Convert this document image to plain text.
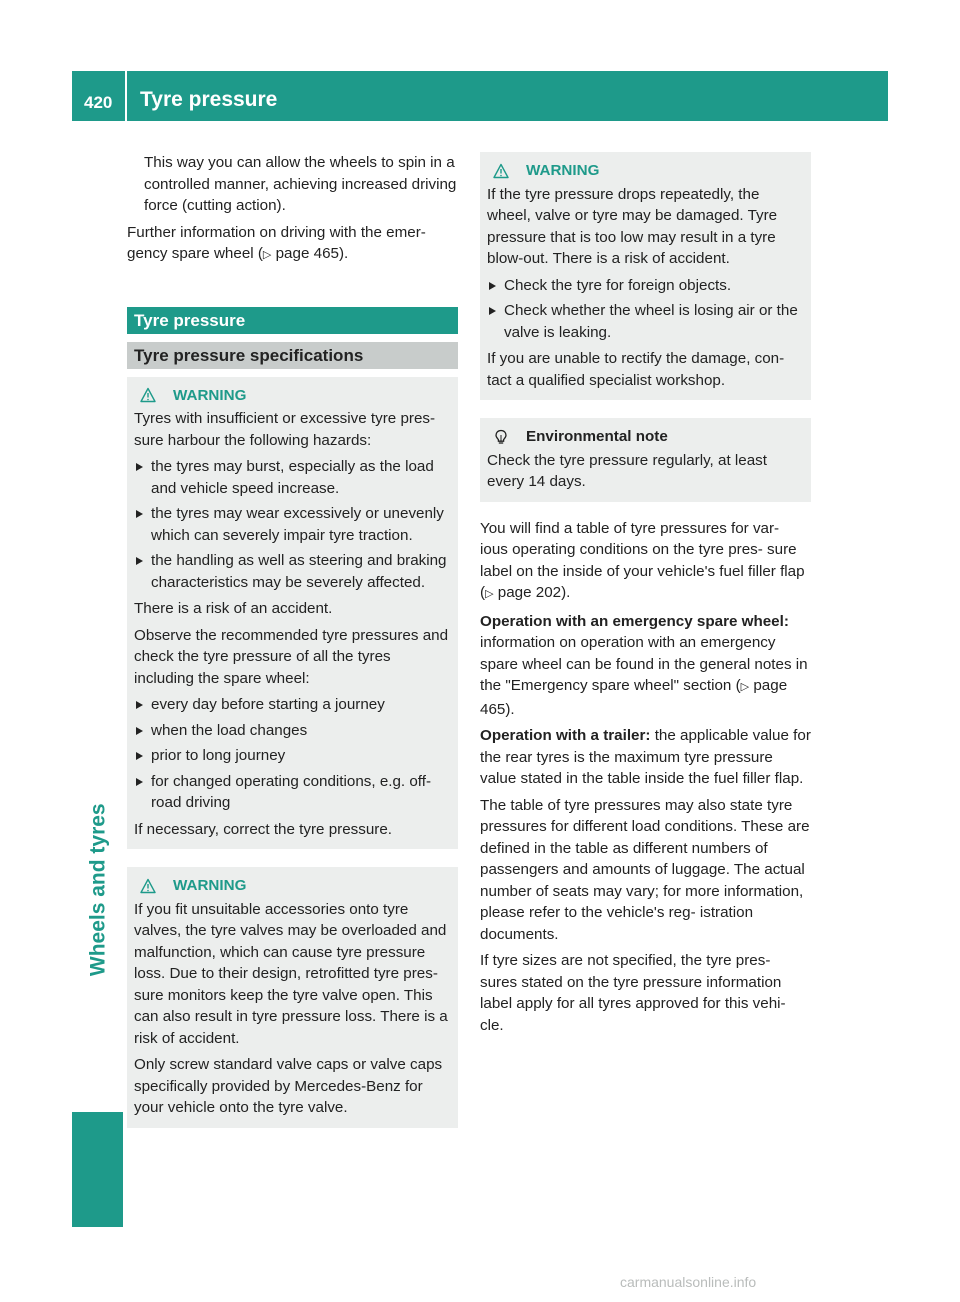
420 Tyre pressure
Wheels and tyres

This way you can allow the wheels to spin in a controlled manner, achieving increased driving force (cutting action).

Further information on driving with the emer- gency spare wheel (▷ page 465).

Tyre pressure
Tyre pressure specifications
WARNING

Tyres with insufficient or excessive tyre pres- sure harbour the following hazards:

the tyres may burst, especially as the load and vehicle speed increase.
the tyres may wear excessively or unevenly which can severely impair tyre traction.
the handling as well as steering and braking characteristics may be severely affected.

There is a risk of an accident.

Observe the recommended tyre pressures and check the tyre pressure of all the tyres including the spare wheel:

every day before starting a journey
when the load changes
prior to long journey
for changed operating conditions, e.g. off- road driving

If necessary, correct the tyre pressure.

WARNING

If you fit unsuitable accessories onto tyre valves, the tyre valves may be overloaded and malfunction, which can cause tyre pressure loss. Due to their design, retrofitted tyre pres- sure monitors keep the tyre valve open. This can also result in tyre pressure loss. There is a risk of accident.

Only screw standard valve caps or valve caps specifically provided by Mercedes-Benz for your vehicle onto the tyre valve.

WARNING

If the tyre pressure drops repeatedly, the wheel, valve or tyre may be damaged. Tyre pressure that is too low may result in a tyre blow-out. There is a risk of accident.

Check the tyre for foreign objects.
Check whether the wheel is losing air or the valve is leaking.

If you are unable to rectify the damage, con- tact a qualified specialist workshop.

Environmental note

Check the tyre pressure regularly, at least every 14 days.

You will find a table of tyre pressures for var- ious operating conditions on the tyre pres- sure label on the inside of your vehicle's fuel filler flap (▷ page 202).

Operation with an emergency spare wheel: information on operation with an emergency spare wheel can be found in the general notes in the "Emergency spare wheel" section (▷ page 465).

Operation with a trailer: the applicable value for the rear tyres is the maximum tyre pressure value stated in the table inside the fuel filler flap.

The table of tyre pressures may also state tyre pressures for different load conditions. These are defined in the table as different numbers of passengers and amounts of luggage. The actual number of seats may vary; for more information, please refer to the vehicle's reg- istration documents.

If tyre sizes are not specified, the tyre pres- sures stated on the tyre pressure information label apply for all tyres approved for this vehi- cle.

carmanualsonline.info
